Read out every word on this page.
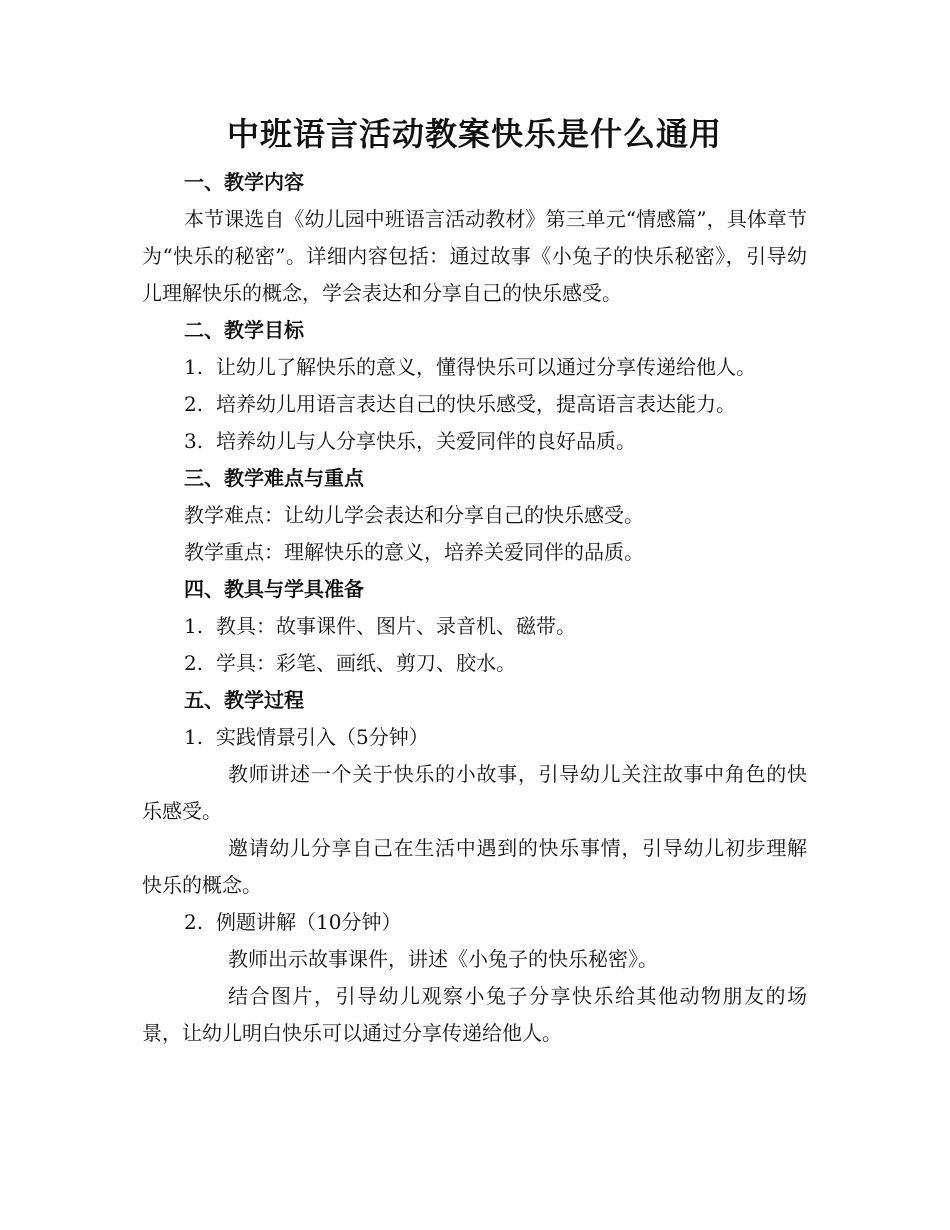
中班语言活动教案快乐是什么通用
一、教学内容

本节课选自《幼儿园中班语言活动教材》第三单元“情感篇”，具体章节为“快乐的秘密”。详细内容包括：通过故事《小兔子的快乐秘密》，引导幼儿理解快乐的概念，学会表达和分享自己的快乐感受。

二、教学目标
1. 让幼儿了解快乐的意义，懂得快乐可以通过分享传递给他人。
2. 培养幼儿用语言表达自己的快乐感受，提高语言表达能力。
3. 培养幼儿与人分享快乐，关爱同伴的良好品质。
三、教学难点与重点

教学难点：让幼儿学会表达和分享自己的快乐感受。

教学重点：理解快乐的意义，培养关爱同伴的品质。

四、教具与学具准备
1. 教具：故事课件、图片、录音机、磁带。
2. 学具：彩笔、画纸、剪刀、胶水。
五、教学过程
1. 实践情景引入（5分钟）

教师讲述一个关于快乐的小故事，引导幼儿关注故事中角色的快乐感受。

邀请幼儿分享自己在生活中遇到的快乐事情，引导幼儿初步理解快乐的概念。

2. 例题讲解（10分钟）

教师出示故事课件，讲述《小兔子的快乐秘密》。

结合图片，引导幼儿观察小兔子分享快乐给其他动物朋友的场景，让幼儿明白快乐可以通过分享传递给他人。
